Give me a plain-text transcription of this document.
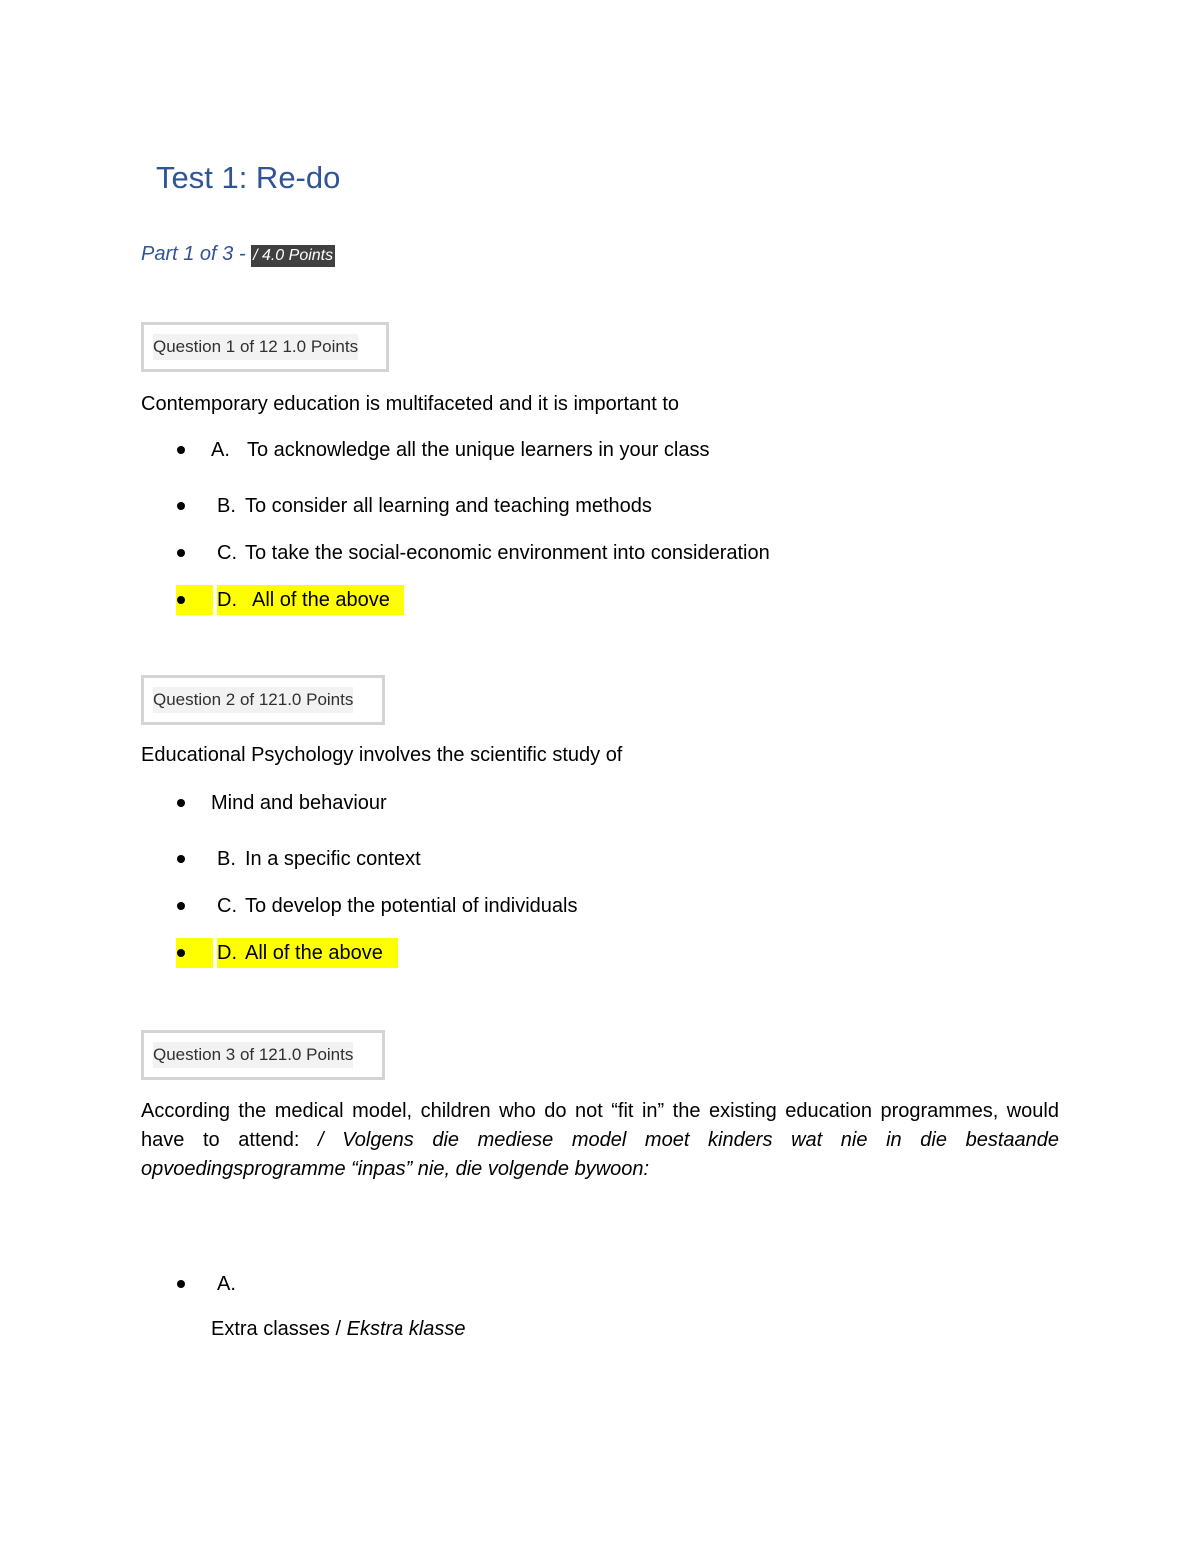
Test 1: Re-do
Part 1 of 3 - / 4.0 Points
Question 1 of 12 1.0 Points
Contemporary education is multifaceted and it is important to
A. To acknowledge all the unique learners in your class
B. To consider all learning and teaching methods
C. To take the social-economic environment into consideration
D. All of the above
Question 2 of 121.0 Points
Educational Psychology involves the scientific study of
Mind and behaviour
B. In a specific context
C. To develop the potential of individuals
D. All of the above
Question 3 of 121.0 Points
According the medical model, children who do not “fit in” the existing education programmes, would have to attend: / Volgens die mediese model moet kinders wat nie in die bestaande opvoedingsprogramme “inpas” nie, die volgende bywoon:
A.
Extra classes / Ekstra klasse
